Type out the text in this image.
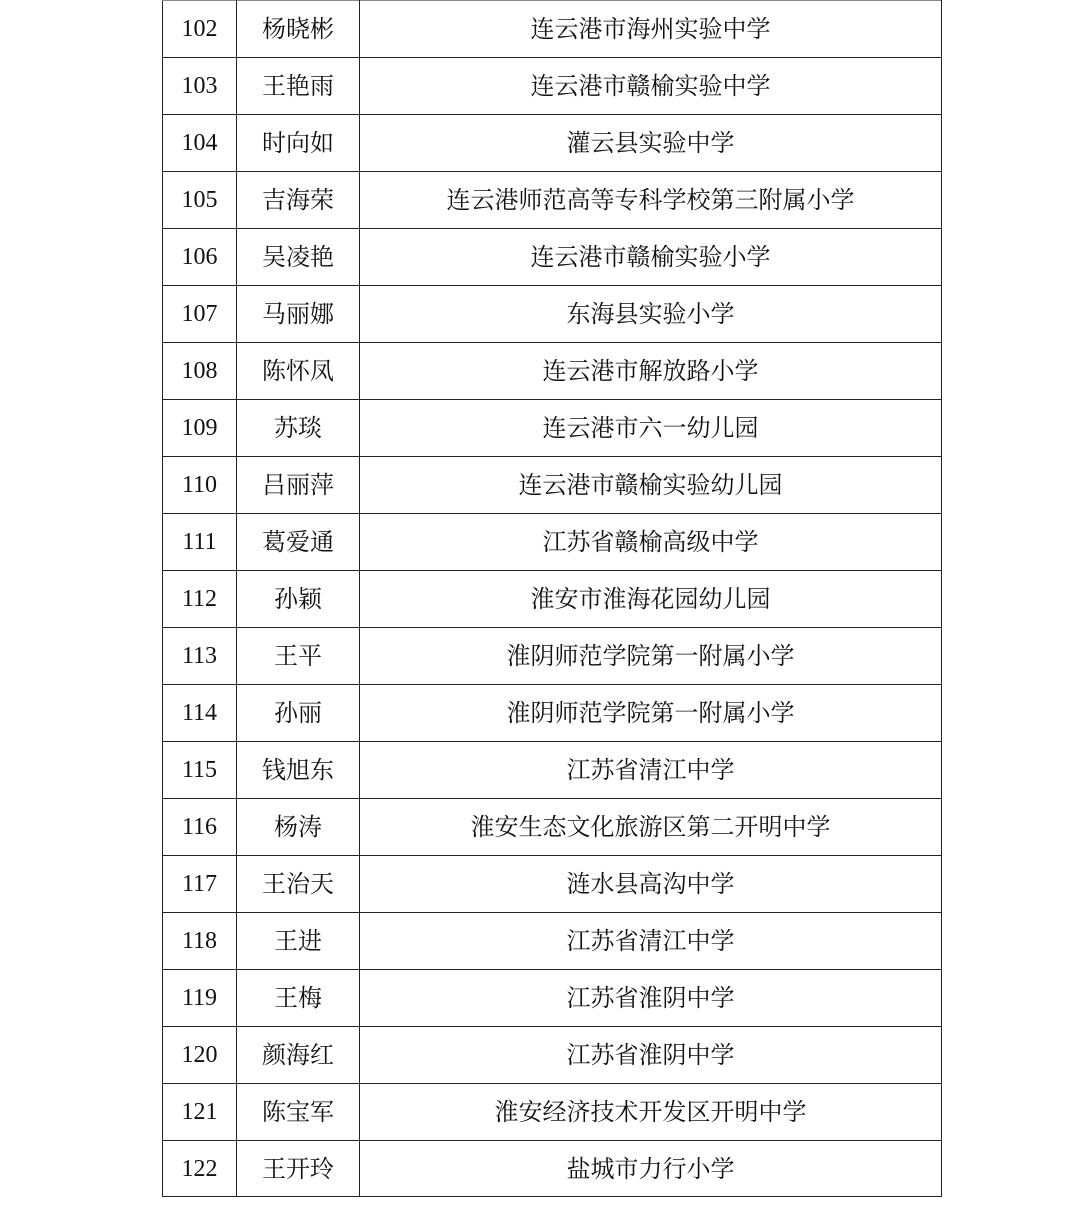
102	杨晓彬	连云港市海州实验中学
103	王艳雨	连云港市赣榆实验中学
104	时向如	灌云县实验中学
105	吉海荣	连云港师范高等专科学校第三附属小学
106	吴凌艳	连云港市赣榆实验小学
107	马丽娜	东海县实验小学
108	陈怀凤	连云港市解放路小学
109	苏琰	连云港市六一幼儿园
110	吕丽萍	连云港市赣榆实验幼儿园
111	葛爱通	江苏省赣榆高级中学
112	孙颖	淮安市淮海花园幼儿园
113	王平	淮阴师范学院第一附属小学
114	孙丽	淮阴师范学院第一附属小学
115	钱旭东	江苏省清江中学
116	杨涛	淮安生态文化旅游区第二开明中学
117	王治天	涟水县高沟中学
118	王进	江苏省清江中学
119	王梅	江苏省淮阴中学
120	颜海红	江苏省淮阴中学
121	陈宝军	淮安经济技术开发区开明中学
122	王开玲	盐城市力行小学
